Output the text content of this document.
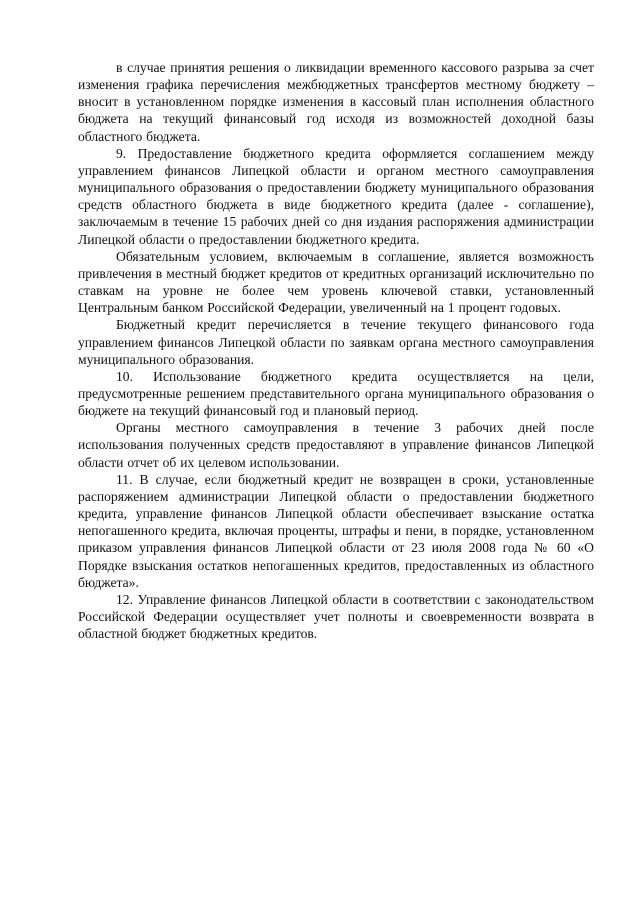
в случае принятия решения о ликвидации временного кассового разрыва за счет изменения графика перечисления межбюджетных трансфертов местному бюджету – вносит в установленном порядке изменения в кассовый план исполнения областного бюджета на текущий финансовый год исходя из возможностей доходной базы областного бюджета.

9. Предоставление бюджетного кредита оформляется соглашением между управлением финансов Липецкой области и органом местного самоуправления муниципального образования о предоставлении бюджету муниципального образования средств областного бюджета в виде бюджетного кредита (далее - соглашение), заключаемым в течение 15 рабочих дней со дня издания распоряжения администрации Липецкой области о предоставлении бюджетного кредита.

Обязательным условием, включаемым в соглашение, является возможность привлечения в местный бюджет кредитов от кредитных организаций исключительно по ставкам на уровне не более чем уровень ключевой ставки, установленный Центральным банком Российской Федерации, увеличенный на 1 процент годовых.

Бюджетный кредит перечисляется в течение текущего финансового года управлением финансов Липецкой области по заявкам органа местного самоуправления муниципального образования.

10. Использование бюджетного кредита осуществляется на цели, предусмотренные решением представительного органа муниципального образования о бюджете на текущий финансовый год и плановый период.

Органы местного самоуправления в течение 3 рабочих дней после использования полученных средств предоставляют в управление финансов Липецкой области отчет об их целевом использовании.

11. В случае, если бюджетный кредит не возвращен в сроки, установленные распоряжением администрации Липецкой области о предоставлении бюджетного кредита, управление финансов Липецкой области обеспечивает взыскание остатка непогашенного кредита, включая проценты, штрафы и пени, в порядке, установленном приказом управления финансов Липецкой области от 23 июля 2008 года № 60 «О Порядке взыскания остатков непогашенных кредитов, предоставленных из областного бюджета».

12. Управление финансов Липецкой области в соответствии с законодательством Российской Федерации осуществляет учет полноты и своевременности возврата в областной бюджет бюджетных кредитов.
